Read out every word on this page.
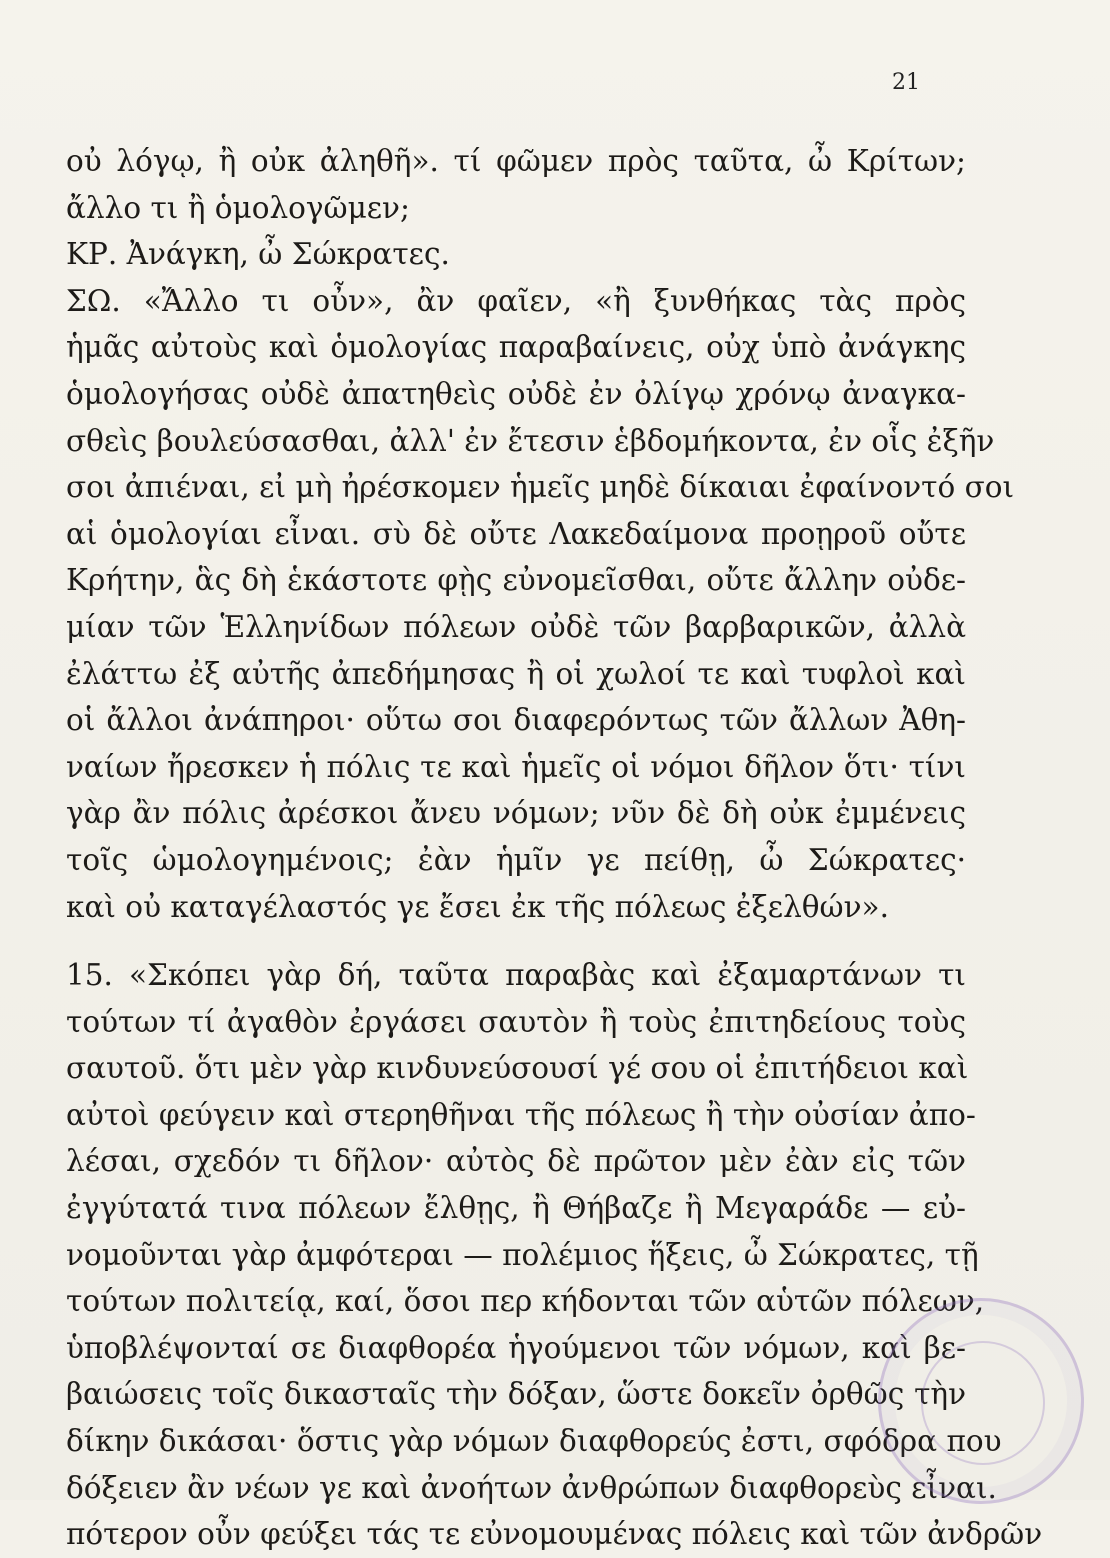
21
οὐ λόγῳ, ἢ οὐκ ἀληθῆ». τί φῶμεν πρὸς ταῦτα, ὦ Κρίτων;
ἄλλο τι ἢ ὁμολογῶμεν;
ΚΡ. Ἀνάγκη, ὦ Σώκρατες.
ΣΩ. «Ἄλλο τι οὖν», ἂν φαῖεν, «ἢ ξυνθήκας τὰς πρὸς
ἡμᾶς αὐτοὺς καὶ ὁμολογίας παραβαίνεις, οὐχ ὑπὸ ἀνάγκης
ὁμολογήσας οὐδὲ ἀπατηθεὶς οὐδὲ ἐν ὀλίγῳ χρόνῳ ἀναγκα-
σθεὶς βουλεύσασθαι, ἀλλ' ἐν ἔτεσιν ἑβδομήκοντα, ἐν οἷς ἐξῆν
σοι ἀπιέναι, εἰ μὴ ἠρέσκομεν ἡμεῖς μηδὲ δίκαιαι ἐφαίνοντό σοι
αἱ ὁμολογίαι εἶναι. σὺ δὲ οὔτε Λακεδαίμονα προῃροῦ οὔτε
Κρήτην, ἃς δὴ ἑκάστοτε φῂς εὐνομεῖσθαι, οὔτε ἄλλην οὐδε-
μίαν τῶν Ἑλληνίδων πόλεων οὐδὲ τῶν βαρβαρικῶν, ἀλλὰ
ἐλάττω ἐξ αὐτῆς ἀπεδήμησας ἢ οἱ χωλοί τε καὶ τυφλοὶ καὶ
οἱ ἄλλοι ἀνάπηροι· οὕτω σοι διαφερόντως τῶν ἄλλων Ἀθη-
ναίων ἤρεσκεν ἡ πόλις τε καὶ ἡμεῖς οἱ νόμοι δῆλον ὅτι· τίνι
γὰρ ἂν πόλις ἀρέσκοι ἄνευ νόμων; νῦν δὲ δὴ οὐκ ἐμμένεις
τοῖς ὡμολογημένοις; ἐὰν ἡμῖν γε πείθῃ, ὦ Σώκρατες·
καὶ οὐ καταγέλαστός γε ἔσει ἐκ τῆς πόλεως ἐξελθών».
15. «Σκόπει γὰρ δή, ταῦτα παραβὰς καὶ ἐξαμαρτάνων τι
τούτων τί ἀγαθὸν ἐργάσει σαυτὸν ἢ τοὺς ἐπιτηδείους τοὺς
σαυτοῦ. ὅτι μὲν γὰρ κινδυνεύσουσί γέ σου οἱ ἐπιτήδειοι καὶ
αὐτοὶ φεύγειν καὶ στερηθῆναι τῆς πόλεως ἢ τὴν οὐσίαν ἀπο-
λέσαι, σχεδόν τι δῆλον· αὐτὸς δὲ πρῶτον μὲν ἐὰν εἰς τῶν
ἐγγύτατά τινα πόλεων ἔλθῃς, ἢ Θήβαζε ἢ Μεγαράδε — εὐ-
νομοῦνται γὰρ ἀμφότεραι — πολέμιος ἥξεις, ὦ Σώκρατες, τῇ
τούτων πολιτείᾳ, καί, ὅσοι περ κήδονται τῶν αὑτῶν πόλεων,
ὑποβλέψονταί σε διαφθορέα ἡγούμενοι τῶν νόμων, καὶ βε-
βαιώσεις τοῖς δικασταῖς τὴν δόξαν, ὥστε δοκεῖν ὀρθῶς τὴν
δίκην δικάσαι· ὅστις γὰρ νόμων διαφθορεύς ἐστι, σφόδρα που
δόξειεν ἂν νέων γε καὶ ἀνοήτων ἀνθρώπων διαφθορεὺς εἶναι.
πότερον οὖν φεύξει τάς τε εὐνομουμένας πόλεις καὶ τῶν ἀνδρῶν
